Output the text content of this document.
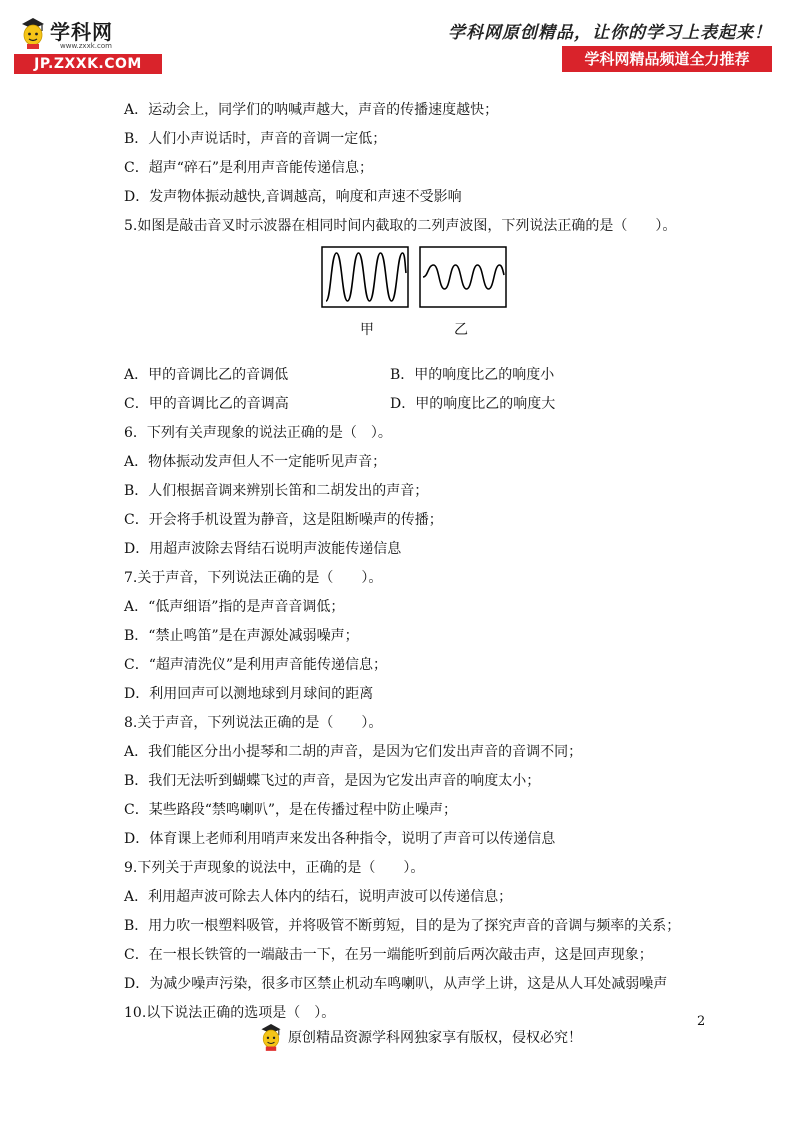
学科网
www.zxxk.com
JP.ZXXK.COM
学科网原创精品，让你的学习上表起来！
学科网精品频道全力推荐
A．运动会上，同学们的呐喊声越大，声音的传播速度越快；
B．人们小声说话时，声音的音调一定低；
C．超声“碎石”是利用声音能传递信息；
D．发声物体振动越快,音调越高，响度和声速不受影响
5.如图是敲击音叉时示波器在相同时间内截取的二列声波图，下列说法正确的是（　　）。
甲	乙
A．甲的音调比乙的音调低	B．甲的响度比乙的响度小
C．甲的音调比乙的音调高	D．甲的响度比乙的响度大
6．下列有关声现象的说法正确的是（　）。
A．物体振动发声但人不一定能听见声音；
B．人们根据音调来辨别长笛和二胡发出的声音；
C．开会将手机设置为静音，这是阻断噪声的传播；
D．用超声波除去肾结石说明声波能传递信息
7.关于声音，下列说法正确的是（　　）。
A．“低声细语”指的是声音音调低；
B．“禁止鸣笛”是在声源处减弱噪声；
C．“超声清洗仪”是利用声音能传递信息；
D．利用回声可以测地球到月球间的距离
8.关于声音，下列说法正确的是（　　）。
A．我们能区分出小提琴和二胡的声音，是因为它们发出声音的音调不同；
B．我们无法听到蝴蝶飞过的声音，是因为它发出声音的响度太小；
C．某些路段“禁鸣喇叭”，是在传播过程中防止噪声；
D．体育课上老师利用哨声来发出各种指令，说明了声音可以传递信息
9.下列关于声现象的说法中，正确的是（　　）。
A．利用超声波可除去人体内的结石，说明声波可以传递信息；
B．用力吹一根塑料吸管，并将吸管不断剪短，目的是为了探究声音的音调与频率的关系；
C．在一根长铁管的一端敲击一下，在另一端能听到前后两次敲击声，这是回声现象；
D．为减少噪声污染，很多市区禁止机动车鸣喇叭，从声学上讲，这是从人耳处减弱噪声
10.以下说法正确的选项是（　）。
2
原创精品资源学科网独家享有版权，侵权必究！
